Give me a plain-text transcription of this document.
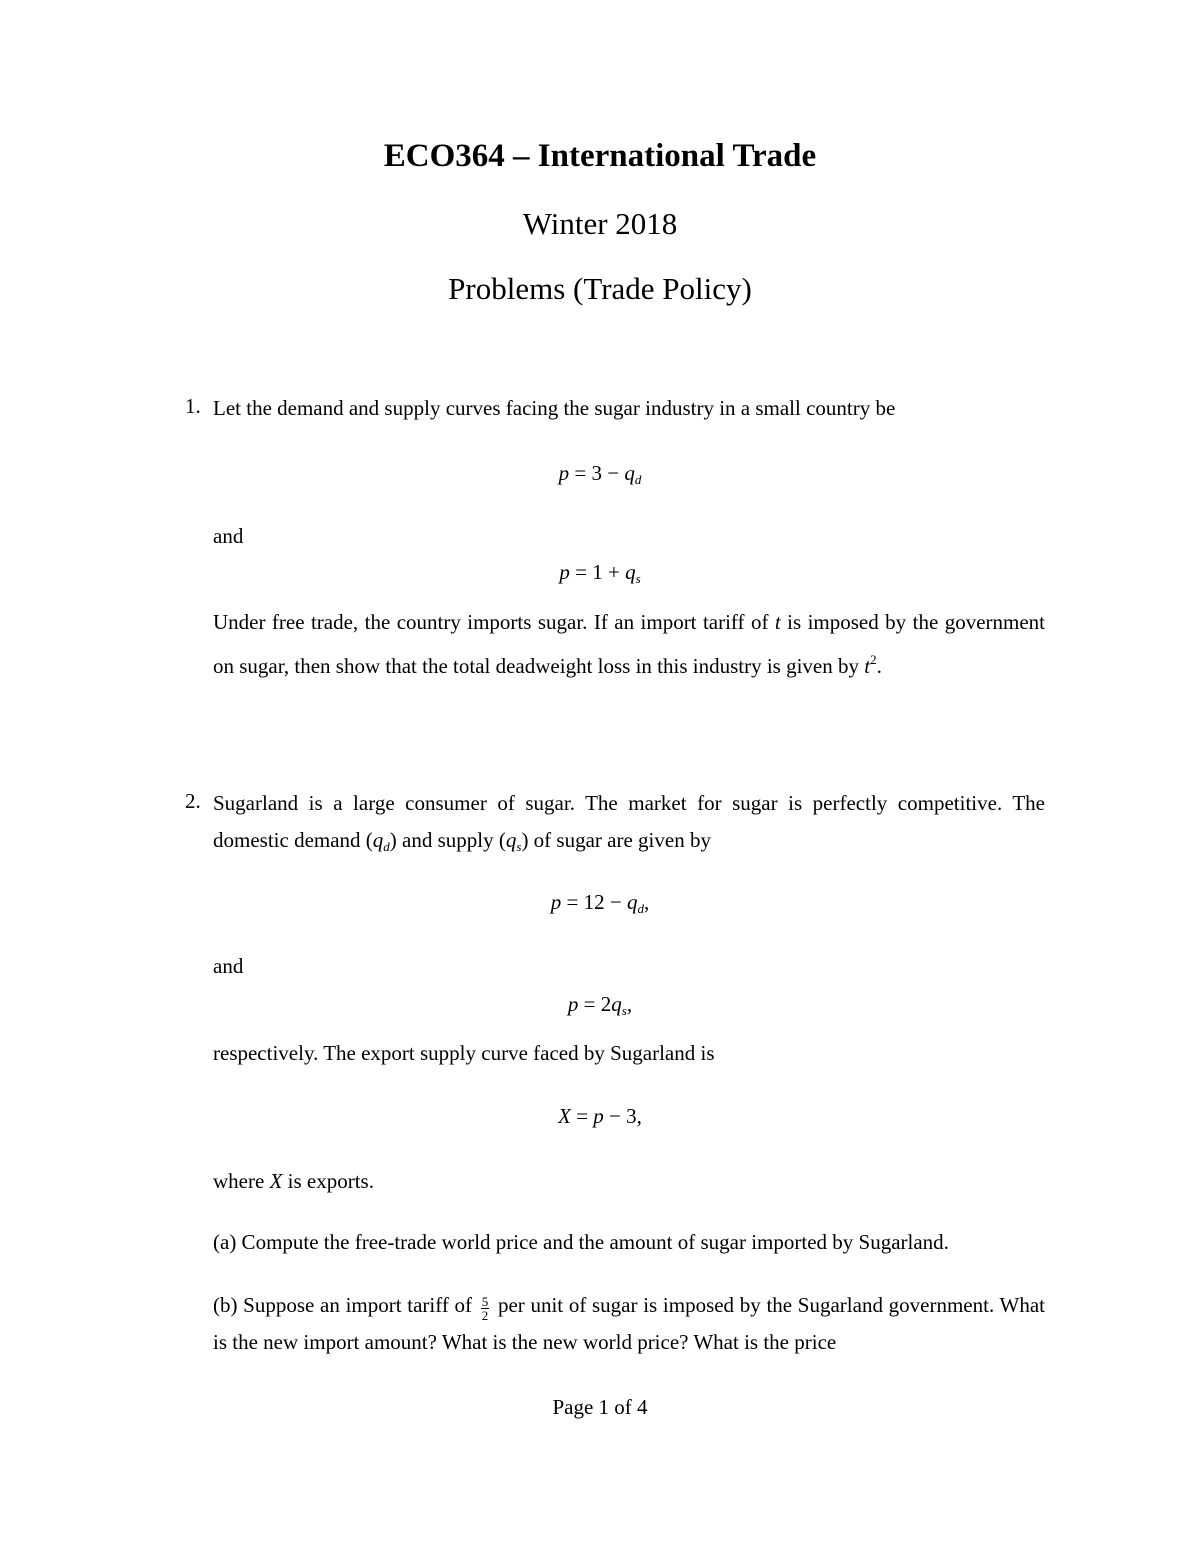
ECO364 – International Trade
Winter 2018
Problems (Trade Policy)
1. Let the demand and supply curves facing the sugar industry in a small country be
p = 3 − qd
and
p = 1 + qs
Under free trade, the country imports sugar. If an import tariff of t is imposed by the government on sugar, then show that the total deadweight loss in this industry is given by $t^2$.
2. Sugarland is a large consumer of sugar. The market for sugar is perfectly competitive. The domestic demand (qd) and supply (qs) of sugar are given by
p = 12 − qd,
and
p = 2qs,
respectively. The export supply curve faced by Sugarland is
X = p − 3,
where X is exports.
(a) Compute the free-trade world price and the amount of sugar imported by Sugarland.
(b) Suppose an import tariff of $\frac{5}{2}$ per unit of sugar is imposed by the Sugarland government. What is the new import amount? What is the new world price? What is the price
Page 1 of 4
